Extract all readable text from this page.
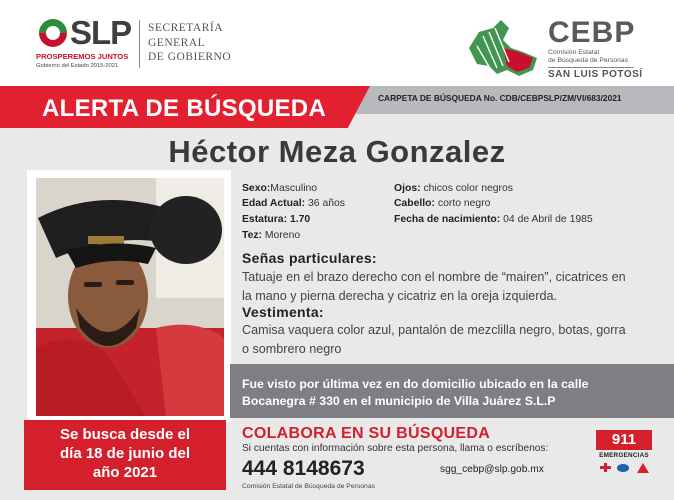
SLP
PROSPEREMOS JUNTOS
Gobierno del Estado 2015-2021
SECRETARÍA
GENERAL
DE GOBIERNO
CEBP
Comisión Estatal
de Búsqueda de Personas
SAN LUIS POTOSÍ
ALERTA DE BÚSQUEDA	CARPETA DE BÚSQUEDA No. CDB/CEBPSLP/ZM/VI/683/2021
Héctor Meza Gonzalez
Se busca desde el
día 18 de junio del
año 2021
Sexo:Masculino
Edad Actual: 36 años
Estatura: 1.70
Tez: Moreno
Ojos: chicos color negros
Cabello: corto negro
Fecha de nacimiento: 04 de Abril de 1985
Señas particulares:
Tatuaje en el brazo derecho con el nombre de “mairen”, cicatrices en
la mano y pierna derecha y cicatriz en la oreja izquierda.
Vestimenta:
Camisa vaquera color azul, pantalón de mezclilla negro, botas, gorra
o sombrero negro
Fue visto por última vez en do domicilio ubicado en la calle
Bocanegra # 330 en el municipio de Villa Juárez S.L.P
COLABORA EN SU BÚSQUEDA
Si cuentas con información sobre esta persona, llama o escríbenos:
444 8148673	sgg_cebp@slp.gob.mx
Comisión Estatal de Búsqueda de Personas
911
EMERGENCIAS
